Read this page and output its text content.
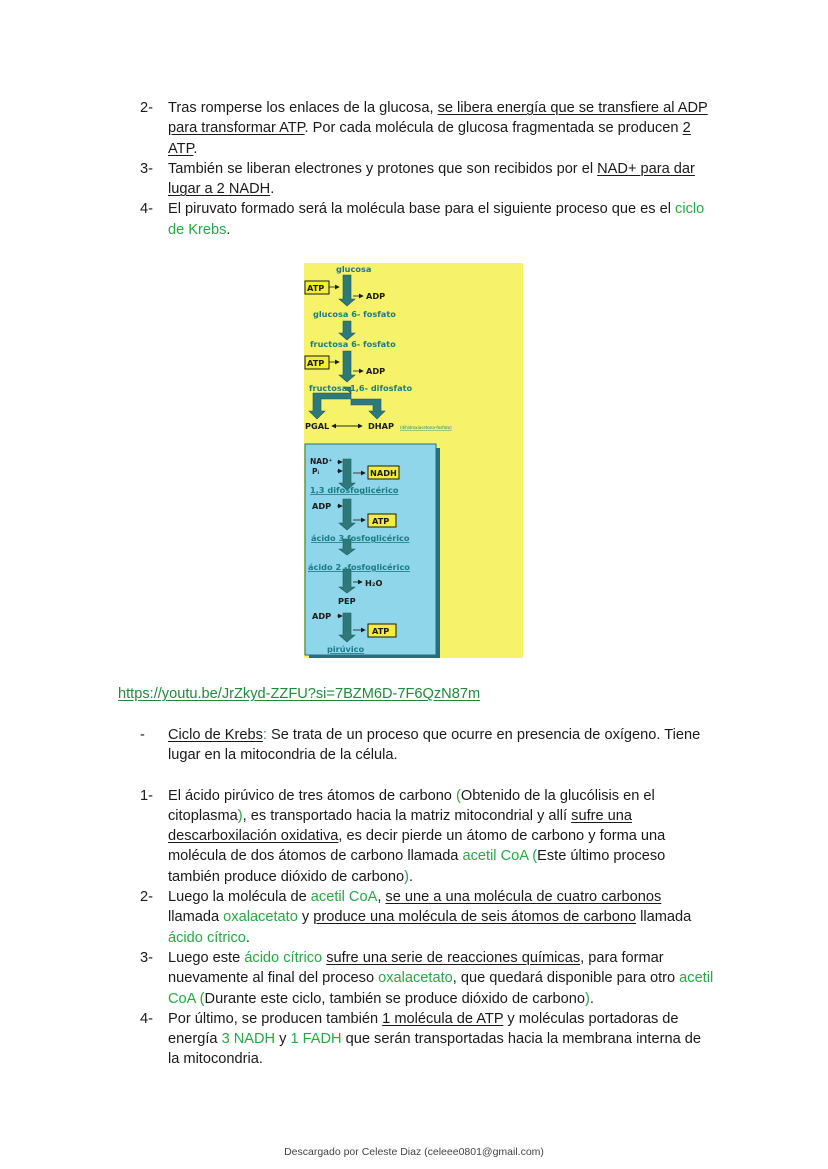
2-	Tras romperse los enlaces de la glucosa, se libera energía que se transfiere al ADP para transformar ATP. Por cada molécula de glucosa fragmentada se producen 2 ATP.
3-	También se liberan electrones y protones que son recibidos por el NAD+ para dar lugar a 2 NADH.
4-	El piruvato formado será la molécula base para el siguiente proceso que es el ciclo de Krebs.
glucosa
ATP
ADP
glucosa 6- fosfato
fructosa 6- fosfato
ATP
ADP
fructosa 1,6- difosfato
PGAL	DHAP (dihidroxiacetona-fosfato)
NAD⁺
Pᵢ	NADH
1,3 difosfoglicérico
ADP
ATP
ácido 3 fosfoglicérico
ácido 2 -fosfoglicérico
H₂O
PEP
ADP
ATP
pirúvico
https://youtu.be/JrZkyd-ZZFU?si=7BZM6D-7F6QzN87m
-	Ciclo de Krebs: Se trata de un proceso que ocurre en presencia de oxígeno. Tiene lugar en la mitocondria de la célula.
1-	El ácido pirúvico de tres átomos de carbono (Obtenido de la glucólisis en el citoplasma), es transportado hacia la matriz mitocondrial y allí sufre una descarboxilación oxidativa, es decir pierde un átomo de carbono y forma una molécula de dos átomos de carbono llamada acetil CoA (Este último proceso también produce dióxido de carbono).
2-	Luego la molécula de acetil CoA, se une a una molécula de cuatro carbonos llamada oxalacetato y produce una molécula de seis átomos de carbono llamada ácido cítrico.
3-	Luego este ácido cítrico sufre una serie de reacciones químicas, para formar nuevamente al final del proceso oxalacetato, que quedará disponible para otro acetil CoA (Durante este ciclo, también se produce dióxido de carbono).
4-	Por último, se producen también 1 molécula de ATP y moléculas portadoras de energía 3 NADH y 1 FADH que serán transportadas hacia la membrana interna de la mitocondria.
Descargado por Celeste Diaz (celeee0801@gmail.com)
